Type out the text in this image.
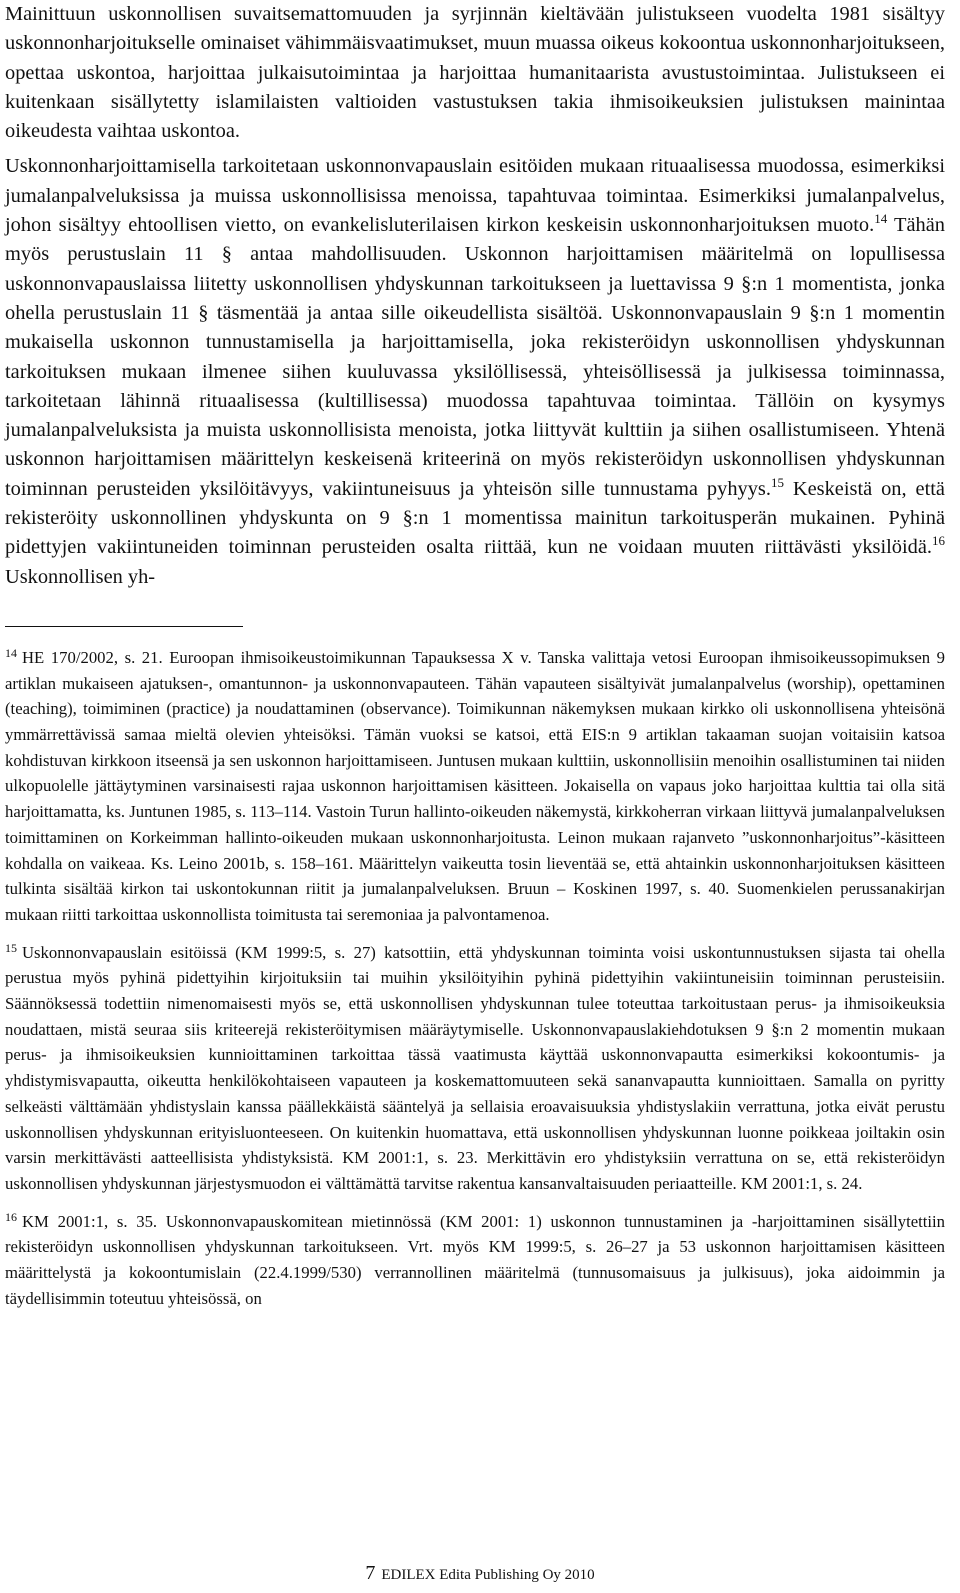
Mainittuun uskonnollisen suvaitsemattomuuden ja syrjinnän kieltävään julistukseen vuodelta 1981 sisältyy uskonnonharjoitukselle ominaiset vähimmäisvaatimukset, muun muassa oikeus kokoontua uskonnonharjoitukseen, opettaa uskontoa, harjoittaa julkaisutoimintaa ja harjoittaa humanitaarista avustustoimintaa. Julistukseen ei kuitenkaan sisällytetty islamilaisten valtioiden vastustuksen takia ihmisoikeuksien julistuksen mainintaa oikeudesta vaihtaa uskontoa.

Uskonnonharjoittamisella tarkoitetaan uskonnonvapauslain esitöiden mukaan rituaalisessa muodossa, esimerkiksi jumalanpalveluksissa ja muissa uskonnollisissa menoissa, tapahtuvaa toimintaa. Esimerkiksi jumalanpalvelus, johon sisältyy ehtoollisen vietto, on evankelisluterilaisen kirkon keskeisin uskonnonharjoituksen muoto.$^{14}$ Tähän myös perustuslain 11 § antaa mahdollisuuden. Uskonnon harjoittamisen määritelmä on lopullisessa uskonnonvapauslaissa liitetty uskonnollisen yhdyskunnan tarkoitukseen ja luettavissa 9 §:n 1 momentista, jonka ohella perustuslain 11 § täsmentää ja antaa sille oikeudellista sisältöä. Uskonnonvapauslain 9 §:n 1 momentin mukaisella uskonnon tunnustamisella ja harjoittamisella, joka rekisteröidyn uskonnollisen yhdyskunnan tarkoituksen mukaan ilmenee siihen kuuluvassa yksilöllisessä, yhteisöllisessä ja julkisessa toiminnassa, tarkoitetaan lähinnä rituaalisessa (kultillisessa) muodossa tapahtuvaa toimintaa. Tällöin on kysymys jumalanpalveluksista ja muista uskonnollisista menoista, jotka liittyvät kulttiin ja siihen osallistumiseen. Yhtenä uskonnon harjoittamisen määrittelyn keskeisenä kriteerinä on myös rekisteröidyn uskonnollisen yhdyskunnan toiminnan perusteiden yksilöitävyys, vakiintuneisuus ja yhteisön sille tunnustama pyhyys.$^{15}$ Keskeistä on, että rekisteröity uskonnollinen yhdyskunta on 9 §:n 1 momentissa mainitun tarkoitusperän mukainen. Pyhinä pidettyjen vakiintuneiden toiminnan perusteiden osalta riittää, kun ne voidaan muuten riittävästi yksilöidä.$^{16}$ Uskonnollisen yh-

$^{14}$ HE 170/2002, s. 21. Euroopan ihmisoikeustoimikunnan Tapauksessa X v. Tanska valittaja vetosi Euroopan ihmisoikeussopimuksen 9 artiklan mukaiseen ajatuksen-, omantunnon- ja uskonnonvapauteen. Tähän vapauteen sisältyivät jumalanpalvelus (worship), opettaminen (teaching), toimiminen (practice) ja noudattaminen (observance). Toimikunnan näkemyksen mukaan kirkko oli uskonnollisena yhteisönä ymmärrettävissä samaa mieltä olevien yhteisöksi. Tämän vuoksi se katsoi, että EIS:n 9 artiklan takaaman suojan voitaisiin katsoa kohdistuvan kirkkoon itseensä ja sen uskonnon harjoittamiseen. Juntusen mukaan kulttiin, uskonnollisiin menoihin osallistuminen tai niiden ulkopuolelle jättäytyminen varsinaisesti rajaa uskonnon harjoittamisen käsitteen. Jokaisella on vapaus joko harjoittaa kulttia tai olla sitä harjoittamatta, ks. Juntunen 1985, s. 113–114. Vastoin Turun hallinto-oikeuden näkemystä, kirkkoherran virkaan liittyvä jumalanpalveluksen toimittaminen on Korkeimman hallinto-oikeuden mukaan uskonnonharjoitusta. Leinon mukaan rajanveto ”uskonnonharjoitus”-käsitteen kohdalla on vaikeaa. Ks. Leino 2001b, s. 158–161. Määrittelyn vaikeutta tosin lieventää se, että ahtainkin uskonnonharjoituksen käsitteen tulkinta sisältää kirkon tai uskontokunnan riitit ja jumalanpalveluksen. Bruun – Koskinen 1997, s. 40. Suomenkielen perussanakirjan mukaan riitti tarkoittaa uskonnollista toimitusta tai seremoniaa ja palvontamenoa.

$^{15}$ Uskonnonvapauslain esitöissä (KM 1999:5, s. 27) katsottiin, että yhdyskunnan toiminta voisi uskontunnustuksen sijasta tai ohella perustua myös pyhinä pidettyihin kirjoituksiin tai muihin yksilöityihin pyhinä pidettyihin vakiintuneisiin toiminnan perusteisiin. Säännöksessä todettiin nimenomaisesti myös se, että uskonnollisen yhdyskunnan tulee toteuttaa tarkoitustaan perus- ja ihmisoikeuksia noudattaen, mistä seuraa siis kriteerejä rekisteröitymisen määräytymiselle. Uskonnonvapauslakiehdotuksen 9 §:n 2 momentin mukaan perus- ja ihmisoikeuksien kunnioittaminen tarkoittaa tässä vaatimusta käyttää uskonnonvapautta esimerkiksi kokoontumis- ja yhdistymisvapautta, oikeutta henkilökohtaiseen vapauteen ja koskemattomuuteen sekä sananvapautta kunnioittaen. Samalla on pyritty selkeästi välttämään yhdistyslain kanssa päällekkäistä sääntelyä ja sellaisia eroavaisuuksia yhdistyslakiin verrattuna, jotka eivät perustu uskonnollisen yhdyskunnan erityisluonteeseen. On kuitenkin huomattava, että uskonnollisen yhdyskunnan luonne poikkeaa joiltakin osin varsin merkittävästi aatteellisista yhdistyksistä. KM 2001:1, s. 23. Merkittävin ero yhdistyksiin verrattuna on se, että rekisteröidyn uskonnollisen yhdyskunnan järjestysmuodon ei välttämättä tarvitse rakentua kansanvaltaisuuden periaatteille. KM 2001:1, s. 24.

$^{16}$ KM 2001:1, s. 35. Uskonnonvapauskomitean mietinnössä (KM 2001: 1) uskonnon tunnustaminen ja -harjoittaminen sisällytettiin rekisteröidyn uskonnollisen yhdyskunnan tarkoitukseen. Vrt. myös KM 1999:5, s. 26–27 ja 53 uskonnon harjoittamisen käsitteen määrittelystä ja kokoontumislain (22.4.1999/530) verrannollinen määritelmä (tunnusomaisuus ja julkisuus), joka aidoimmin ja täydellisimmin toteutuu yhteisössä, on

7 EDILEX Edita Publishing Oy 2010
